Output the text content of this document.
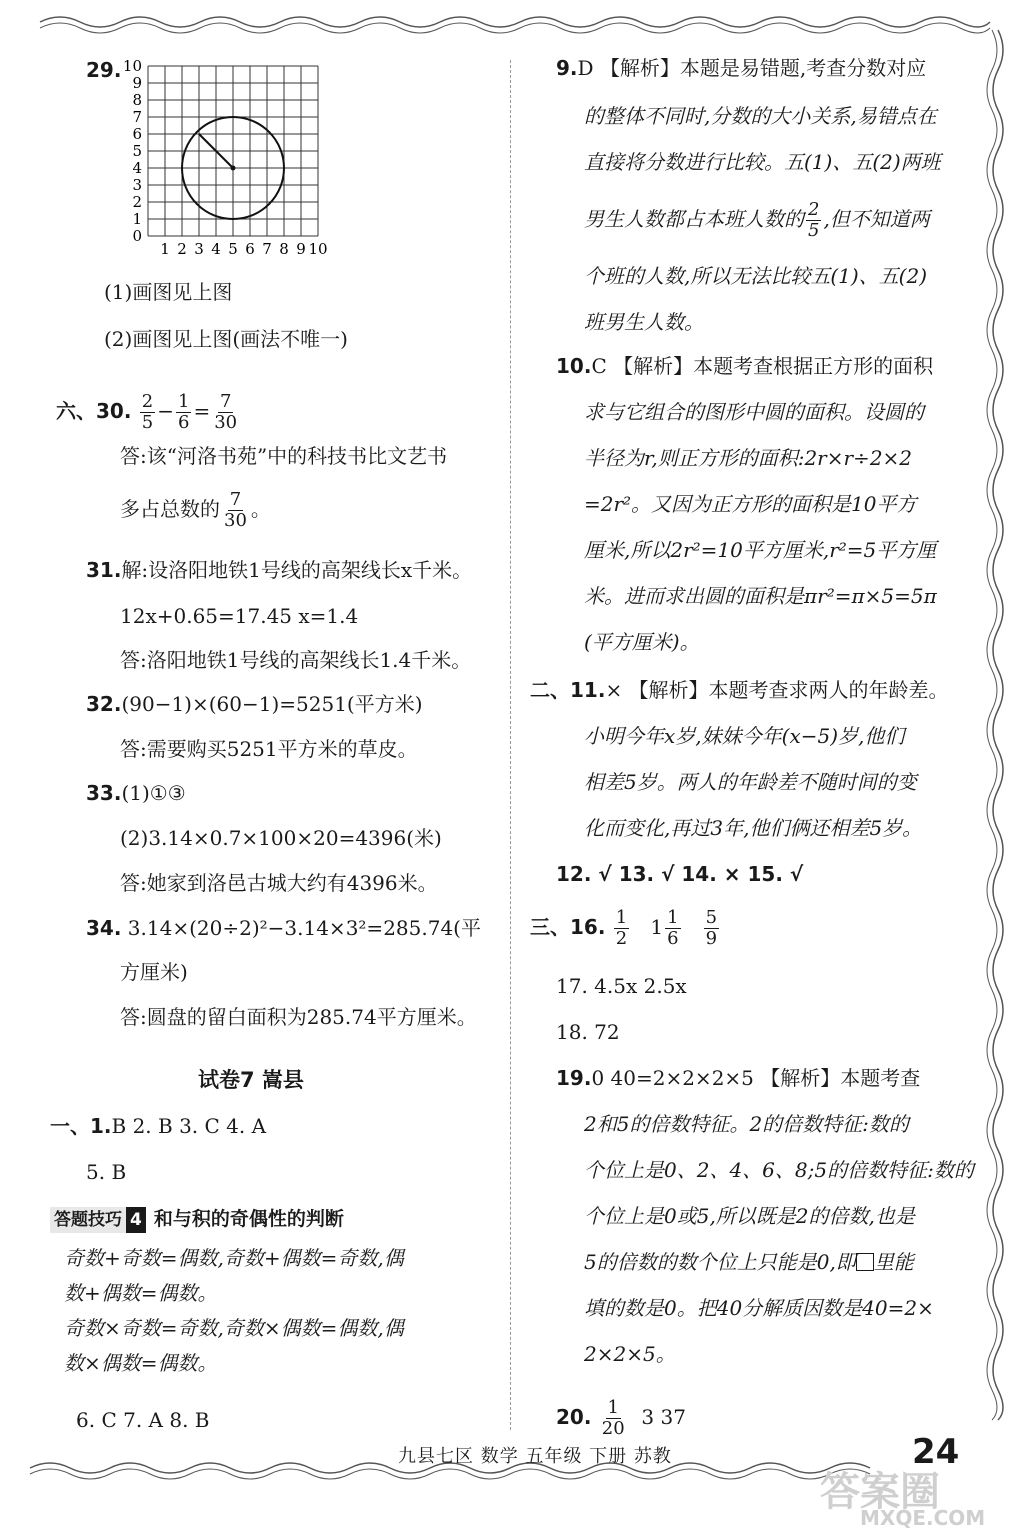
29.
0
1
2
3
4
5
6
7
8
9
10
1 2 3 4 5 6 7 8 9 10
(1)画图见上图
(2)画图见上图(画法不唯一)
六、30. $\frac{2}{5} - \frac{1}{6} = \frac{7}{30}$
答:该“河洛书苑”中的科技书比文艺书
多占总数的 $\frac{7}{30}$ 。
31.解:设洛阳地铁1号线的高架线长x千米。
12x+0.65=17.45 x=1.4
答:洛阳地铁1号线的高架线长1.4千米。
32.(90−1)×(60−1)=5251(平方米)
答:需要购买5251平方米的草皮。
33.(1)①③
(2)3.14×0.7×100×20=4396(米)
答:她家到洛邑古城大约有4396米。
34. 3.14×(20÷2)²−3.14×3²=285.74(平
方厘米)
答:圆盘的留白面积为285.74平方厘米。
试卷7 嵩县
一、1.B 2. B 3. C 4. A
5. B
答题技巧 4 和与积的奇偶性的判断
奇数+奇数=偶数,奇数+偶数=奇数,偶
数+偶数=偶数。
奇数×奇数=奇数,奇数×偶数=偶数,偶
数×偶数=偶数。
6. C 7. A 8. B
9.D 【解析】本题是易错题,考查分数对应
的整体不同时,分数的大小关系,易错点在
直接将分数进行比较。五(1)、五(2)两班
男生人数都占本班人数的 $\frac{2}{5}$ ,但不知道两
个班的人数,所以无法比较五(1)、五(2)
班男生人数。
10.C 【解析】本题考查根据正方形的面积
求与它组合的图形中圆的面积。设圆的
半径为r,则正方形的面积:2r×r÷2×2
=2r²。又因为正方形的面积是10平方
厘米,所以2r²=10平方厘米,r²=5平方厘
米。进而求出圆的面积是πr²=π×5=5π
(平方厘米)。
二、11.× 【解析】本题考查求两人的年龄差。
小明今年x岁,妹妹今年(x−5)岁,他们
相差5岁。两人的年龄差不随时间的变
化而变化,再过3年,他们俩还相差5岁。
12. √ 13. √ 14. × 15. √
三、16. $\frac{1}{2} 1 \frac{1}{6}$
$\frac{5}{9}$
17. 4.5x 2.5x
18. 72
19.0 40=2×2×2×5 【解析】本题考查
2和5的倍数特征。2的倍数特征:数的
个位上是0、2、4、6、8;5的倍数特征:数的
个位上是0或5,所以既是2的倍数,也是
5的倍数的数个位上只能是0,即 里能
填的数是0。把40分解质因数是40=2×
2×2×5。
20. $\frac{1}{20} 3$ 37
九县七区 数学 五年级 下册 苏教	24
答案圈
MXQE.COM
